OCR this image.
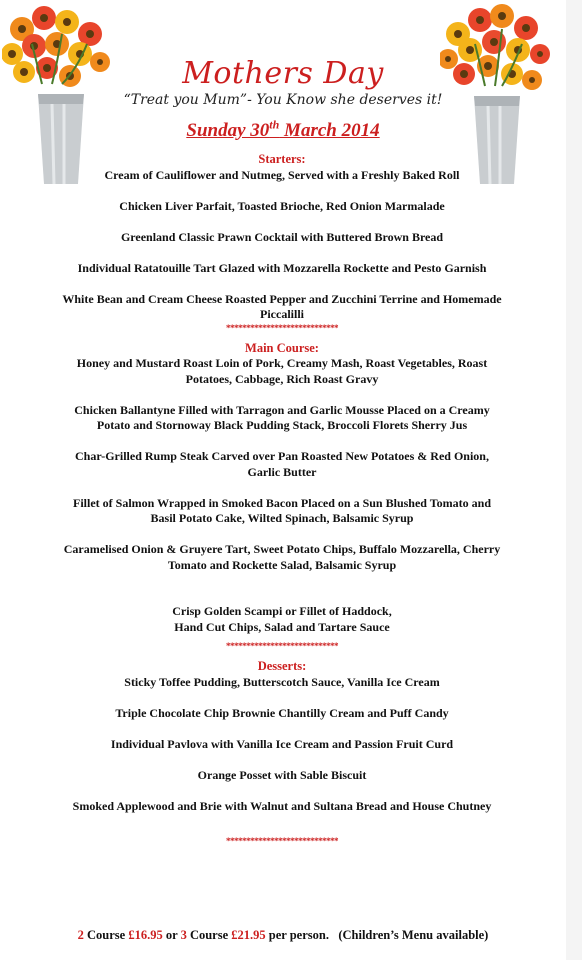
Mothers Day
“Treat you Mum”- You Know she deserves it!
Sunday 30th March 2014
Starters:

Cream of Cauliflower and Nutmeg, Served with a Freshly Baked Roll

Chicken Liver Parfait, Toasted Brioche, Red Onion Marmalade

Greenland Classic Prawn Cocktail with Buttered Brown Bread

Individual Ratatouille Tart Glazed with Mozzarella Rockette and Pesto Garnish

White Bean and Cream Cheese Roasted Pepper and Zucchini Terrine and Homemade Piccalilli

****************************
Main Course:

Honey and Mustard Roast Loin of Pork, Creamy Mash, Roast Vegetables, Roast Potatoes, Cabbage, Rich Roast Gravy

Chicken Ballantyne Filled with Tarragon and Garlic Mousse Placed on a Creamy Potato and Stornoway Black Pudding Stack, Broccoli Florets Sherry Jus

Char-Grilled Rump Steak Carved over Pan Roasted New Potatoes & Red Onion,

Garlic Butter

Fillet of Salmon Wrapped in Smoked Bacon Placed on a Sun Blushed Tomato and

Basil Potato Cake, Wilted Spinach, Balsamic Syrup

Caramelised Onion & Gruyere Tart, Sweet Potato Chips, Buffalo Mozzarella, Cherry Tomato and Rockette Salad, Balsamic Syrup

Crisp Golden Scampi or Fillet of Haddock,

Hand Cut Chips, Salad and Tartare Sauce

****************************
Desserts:

Sticky Toffee Pudding, Butterscotch Sauce, Vanilla Ice Cream

Triple Chocolate Chip Brownie Chantilly Cream and Puff Candy

Individual Pavlova with Vanilla Ice Cream and Passion Fruit Curd

Orange Posset with Sable Biscuit

Smoked Applewood and Brie with Walnut and Sultana Bread and House Chutney

****************************
2 Course £16.95 or 3 Course £21.95 per person.   (Children’s Menu available)
